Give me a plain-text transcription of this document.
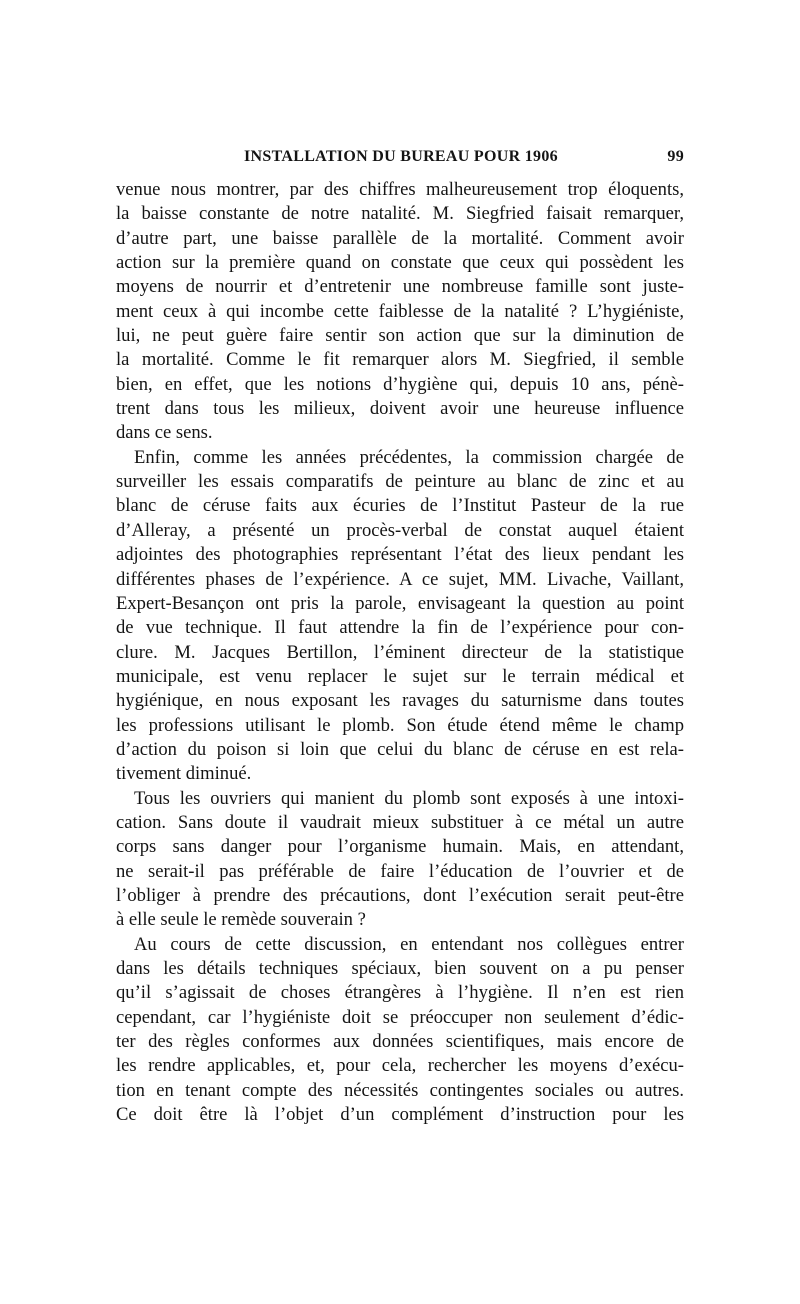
INSTALLATION DU BUREAU POUR 1906	99
venue nous montrer, par des chiffres malheureusement trop éloquents,
la baisse constante de notre natalité. M. Siegfried faisait remarquer,
d’autre part, une baisse parallèle de la mortalité. Comment avoir
action sur la première quand on constate que ceux qui possèdent les
moyens de nourrir et d’entretenir une nombreuse famille sont juste-
ment ceux à qui incombe cette faiblesse de la natalité ? L’hygiéniste,
lui, ne peut guère faire sentir son action que sur la diminution de
la mortalité. Comme le fit remarquer alors M. Siegfried, il semble
bien, en effet, que les notions d’hygiène qui, depuis 10 ans, pénè-
trent dans tous les milieux, doivent avoir une heureuse influence
dans ce sens.
Enfin, comme les années précédentes, la commission chargée de
surveiller les essais comparatifs de peinture au blanc de zinc et au
blanc de céruse faits aux écuries de l’Institut Pasteur de la rue
d’Alleray, a présenté un procès-verbal de constat auquel étaient
adjointes des photographies représentant l’état des lieux pendant les
différentes phases de l’expérience. A ce sujet, MM. Livache, Vaillant,
Expert-Besançon ont pris la parole, envisageant la question au point
de vue technique. Il faut attendre la fin de l’expérience pour con-
clure. M. Jacques Bertillon, l’éminent directeur de la statistique
municipale, est venu replacer le sujet sur le terrain médical et
hygiénique, en nous exposant les ravages du saturnisme dans toutes
les professions utilisant le plomb. Son étude étend même le champ
d’action du poison si loin que celui du blanc de céruse en est rela-
tivement diminué.
Tous les ouvriers qui manient du plomb sont exposés à une intoxi-
cation. Sans doute il vaudrait mieux substituer à ce métal un autre
corps sans danger pour l’organisme humain. Mais, en attendant,
ne serait-il pas préférable de faire l’éducation de l’ouvrier et de
l’obliger à prendre des précautions, dont l’exécution serait peut-être
à elle seule le remède souverain ?
Au cours de cette discussion, en entendant nos collègues entrer
dans les détails techniques spéciaux, bien souvent on a pu penser
qu’il s’agissait de choses étrangères à l’hygiène. Il n’en est rien
cependant, car l’hygiéniste doit se préoccuper non seulement d’édic-
ter des règles conformes aux données scientifiques, mais encore de
les rendre applicables, et, pour cela, rechercher les moyens d’exécu-
tion en tenant compte des nécessités contingentes sociales ou autres.
Ce doit être là l’objet d’un complément d’instruction pour les
